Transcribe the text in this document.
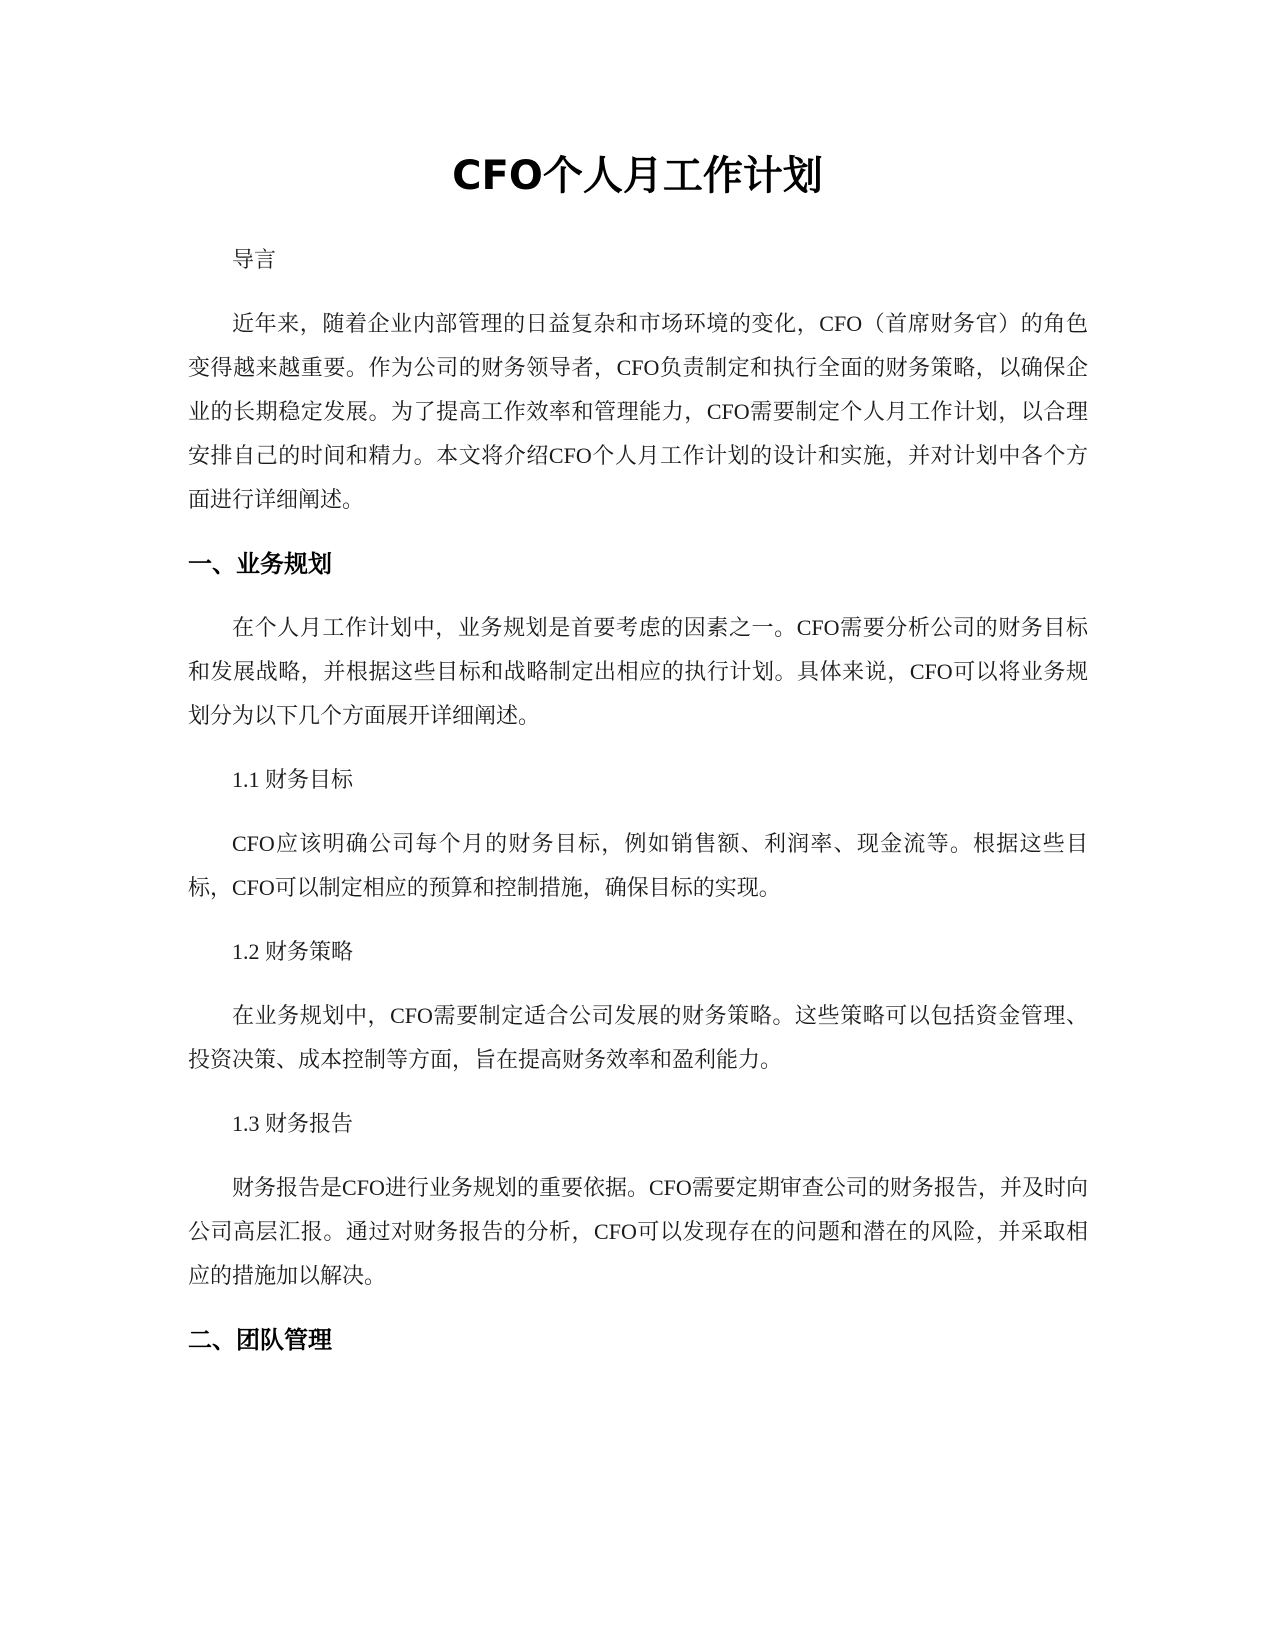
CFO个人月工作计划

导言

近年来，随着企业内部管理的日益复杂和市场环境的变化，CFO（首席财务官）的角色变得越来越重要。作为公司的财务领导者，CFO负责制定和执行全面的财务策略，以确保企业的长期稳定发展。为了提高工作效率和管理能力，CFO需要制定个人月工作计划，以合理安排自己的时间和精力。本文将介绍CFO个人月工作计划的设计和实施，并对计划中各个方面进行详细阐述。

一、业务规划

在个人月工作计划中，业务规划是首要考虑的因素之一。CFO需要分析公司的财务目标和发展战略，并根据这些目标和战略制定出相应的执行计划。具体来说，CFO可以将业务规划分为以下几个方面展开详细阐述。

1.1 财务目标

CFO应该明确公司每个月的财务目标，例如销售额、利润率、现金流等。根据这些目标，CFO可以制定相应的预算和控制措施，确保目标的实现。

1.2 财务策略

在业务规划中，CFO需要制定适合公司发展的财务策略。这些策略可以包括资金管理、投资决策、成本控制等方面，旨在提高财务效率和盈利能力。

1.3 财务报告

财务报告是CFO进行业务规划的重要依据。CFO需要定期审查公司的财务报告，并及时向公司高层汇报。通过对财务报告的分析，CFO可以发现存在的问题和潜在的风险，并采取相应的措施加以解决。

二、团队管理
